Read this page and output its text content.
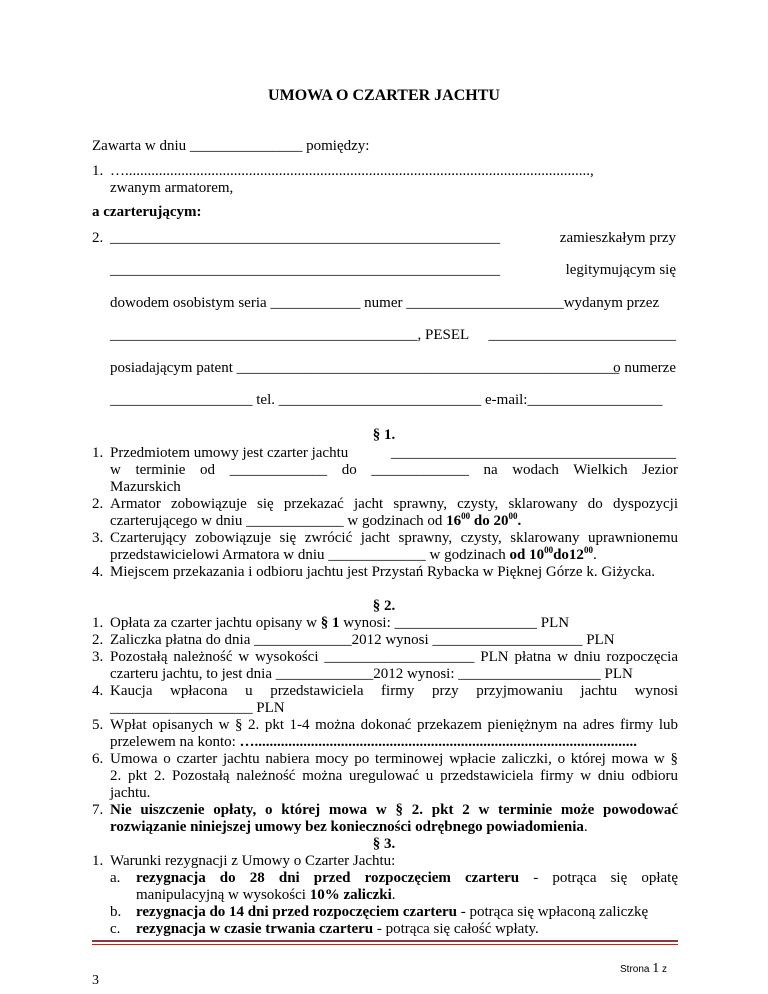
UMOWA O CZARTER JACHTU
Zawarta w dniu _______________ pomiędzy:
1. …............................................................................................................................,
zwanym armatorem,
a czarterującym:
2. ____________________________________________________	zamieszkałym przy
____________________________________________________	legitymującym się
dowodem osobistym seria ____________ numer _____________________wydanym przez
_________________________________________, PESEL _________________________
posiadającym patent ___________________________________________________
o numerze
___________________ tel. ___________________________ e-mail:__________________
§ 1.
1. Przedmiotem umowy jest czarter jachtu	______________________________________
w terminie od _____________ do _____________ na wodach Wielkich Jezior
Mazurskich
2. Armator zobowiązuje się przekazać jacht sprawny, czysty, sklarowany do dyspozycji
czarterującego w dniu _____________ w godzinach od $16^{00}$ do $20^{00}$.
3. Czarterujący zobowiązuje się zwrócić jacht sprawny, czysty, sklarowany uprawnionemu
przedstawicielowi Armatora w dniu _____________ w godzinach od $10^{00}do12^{00}$.
4. Miejscem przekazania i odbioru jachtu jest Przystań Rybacka w Pięknej Górze k. Giżycka.
§ 2.
1. Opłata za czarter jachtu opisany w § 1 wynosi: ___________________ PLN
2. Zaliczka płatna do dnia _____________2012 wynosi ____________________ PLN
3. Pozostałą należność w wysokości ____________________ PLN płatna w dniu rozpoczęcia
czarteru jachtu, to jest dnia _____________2012 wynosi: ___________________ PLN
4. Kaucja wpłacona u przedstawiciela firmy przy przyjmowaniu jachtu wynosi
___________________ PLN
5. Wpłat opisanych w § 2. pkt 1-4 można dokonać przekazem pieniężnym na adres firmy lub
przelewem na konto: …......................................................................................................
6. Umowa o czarter jachtu nabiera mocy po terminowej wpłacie zaliczki, o której mowa w §
2. pkt 2. Pozostałą należność można uregulować u przedstawiciela firmy w dniu odbioru
jachtu.
7. Nie uiszczenie opłaty, o której mowa w § 2. pkt 2 w terminie może powodować
rozwiązanie niniejszej umowy bez konieczności odrębnego powiadomienia.
§ 3.
1. Warunki rezygnacji z Umowy o Czarter Jachtu:
a. rezygnacja do 28 dni przed rozpoczęciem czarteru - potrąca się opłatę
manipulacyjną w wysokości 10% zaliczki.
b. rezygnacja do 14 dni przed rozpoczęciem czarteru - potrąca się wpłaconą zaliczkę
c. rezygnacja w czasie trwania czarteru - potrąca się całość wpłaty.
Strona 1 z
3
